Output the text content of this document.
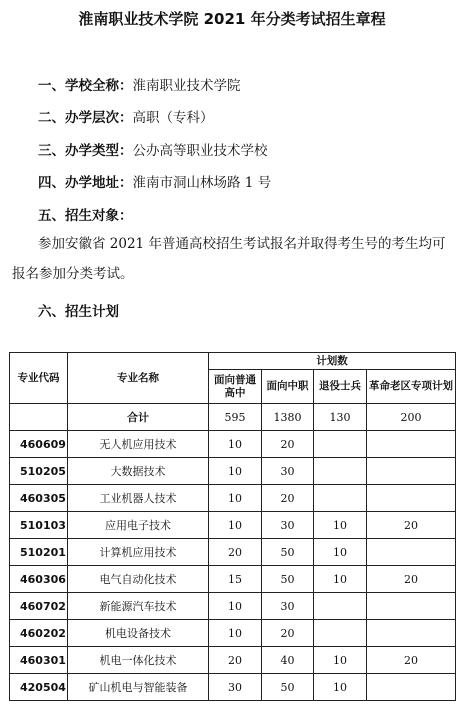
淮南职业技术学院 2021 年分类考试招生章程
一、学校全称：淮南职业技术学院
二、办学层次：高职（专科）
三、办学类型：公办高等职业技术学校
四、办学地址：淮南市洞山林场路 1 号
五、招生对象：
参加安徽省 2021 年普通高校招生考试报名并取得考生号的考生均可报名参加分类考试。
六、招生计划
专业代码	专业名称	计划数			
		面向普通高中	面向中职	退役士兵	革命老区专项计划
	合计	595	1380	130	200
460609	无人机应用技术	10	20		
510205	大数据技术	10	30		
460305	工业机器人技术	10	20		
510103	应用电子技术	10	30	10	20
510201	计算机应用技术	20	50	10	
460306	电气自动化技术	15	50	10	20
460702	新能源汽车技术	10	30		
460202	机电设备技术	10	20		
460301	机电一体化技术	20	40	10	20
420504	矿山机电与智能装备	30	50	10	
